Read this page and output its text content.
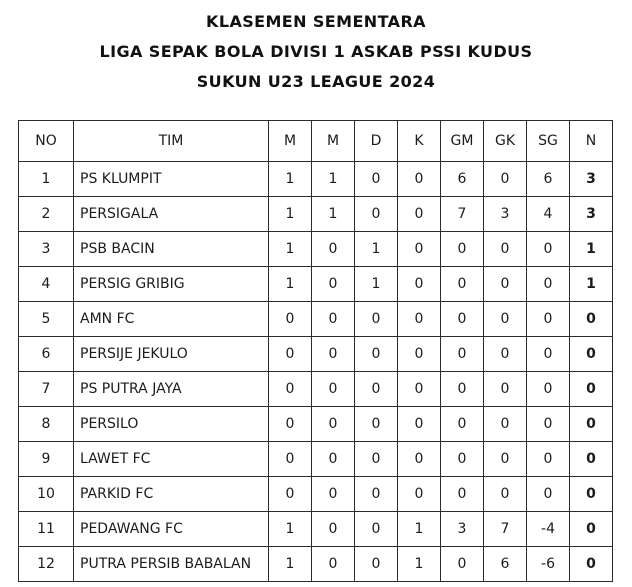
KLASEMEN SEMENTARA
LIGA SEPAK BOLA DIVISI 1 ASKAB PSSI KUDUS
SUKUN U23 LEAGUE 2024
NO	TIM	M	M	D	K	GM	GK	SG	N
1	PS KLUMPIT	1	1	0	0	6	0	6	3
2	PERSIGALA	1	1	0	0	7	3	4	3
3	PSB BACIN	1	0	1	0	0	0	0	1
4	PERSIG GRIBIG	1	0	1	0	0	0	0	1
5	AMN FC	0	0	0	0	0	0	0	0
6	PERSIJE JEKULO	0	0	0	0	0	0	0	0
7	PS PUTRA JAYA	0	0	0	0	0	0	0	0
8	PERSILO	0	0	0	0	0	0	0	0
9	LAWET FC	0	0	0	0	0	0	0	0
10	PARKID FC	0	0	0	0	0	0	0	0
11	PEDAWANG FC	1	0	0	1	3	7	-4	0
12	PUTRA PERSIB BABALAN	1	0	0	1	0	6	-6	0
